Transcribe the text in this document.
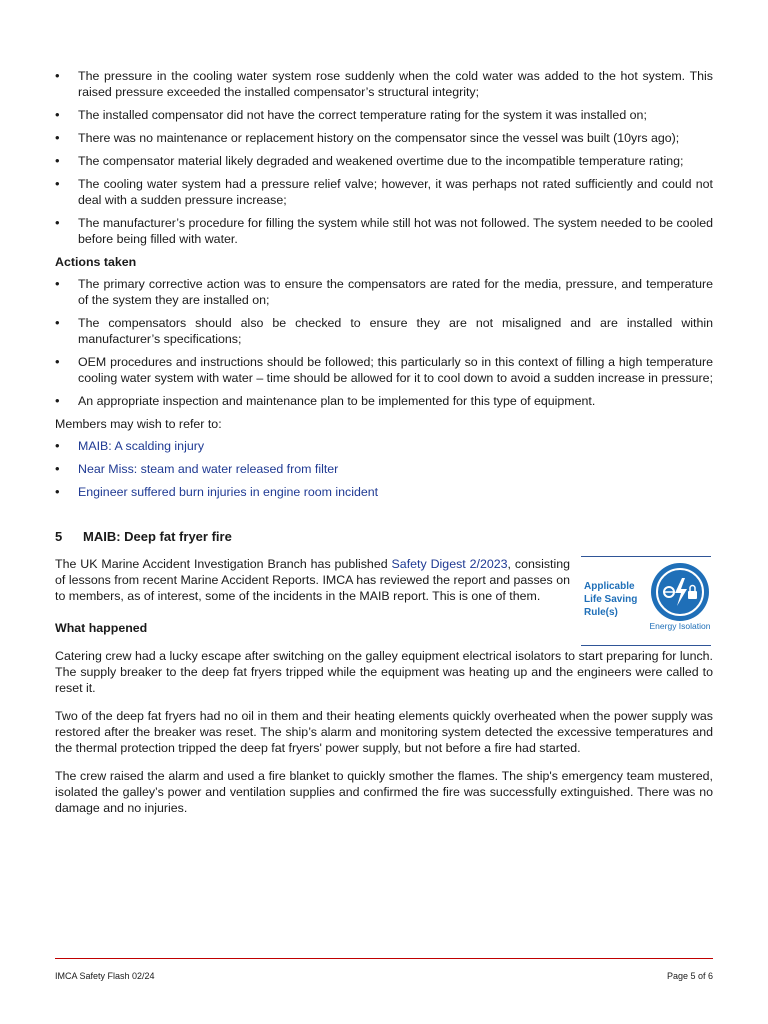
• The pressure in the cooling water system rose suddenly when the cold water was added to the hot system. This raised pressure exceeded the installed compensator’s structural integrity;
• The installed compensator did not have the correct temperature rating for the system it was installed on;
• There was no maintenance or replacement history on the compensator since the vessel was built (10yrs ago);
• The compensator material likely degraded and weakened overtime due to the incompatible temperature rating;
• The cooling water system had a pressure relief valve; however, it was perhaps not rated sufficiently and could not deal with a sudden pressure increase;
• The manufacturer’s procedure for filling the system while still hot was not followed. The system needed to be cooled before being filled with water.
Actions taken
• The primary corrective action was to ensure the compensators are rated for the media, pressure, and temperature of the system they are installed on;
• The compensators should also be checked to ensure they are not misaligned and are installed within manufacturer’s specifications;
• OEM procedures and instructions should be followed; this particularly so in this context of filling a high temperature cooling water system with water – time should be allowed for it to cool down to avoid a sudden increase in pressure;
• An appropriate inspection and maintenance plan to be implemented for this type of equipment.

Members may wish to refer to:

• MAIB: A scalding injury
• Near Miss: steam and water released from filter
• Engineer suffered burn injuries in engine room incident
5 MAIB: Deep fat fryer fire

The UK Marine Accident Investigation Branch has published Safety Digest 2/2023, consisting of lessons from recent Marine Accident Reports. IMCA has reviewed the report and passes on to members, as of interest, some of the incidents in the MAIB report. This is one of them.

Applicable Life Saving Rule(s)
Energy Isolation
What happened

Catering crew had a lucky escape after switching on the galley equipment electrical isolators to start preparing for lunch. The supply breaker to the deep fat fryers tripped while the equipment was heating up and the engineers were called to reset it.

Two of the deep fat fryers had no oil in them and their heating elements quickly overheated when the power supply was restored after the breaker was reset. The ship’s alarm and monitoring system detected the excessive temperatures and the thermal protection tripped the deep fat fryers' power supply, but not before a fire had started.

The crew raised the alarm and used a fire blanket to quickly smother the flames. The ship's emergency team mustered, isolated the galley’s power and ventilation supplies and confirmed the fire was successfully extinguished. There was no damage and no injuries.

IMCA Safety Flash 02/24	Page 5 of 6
